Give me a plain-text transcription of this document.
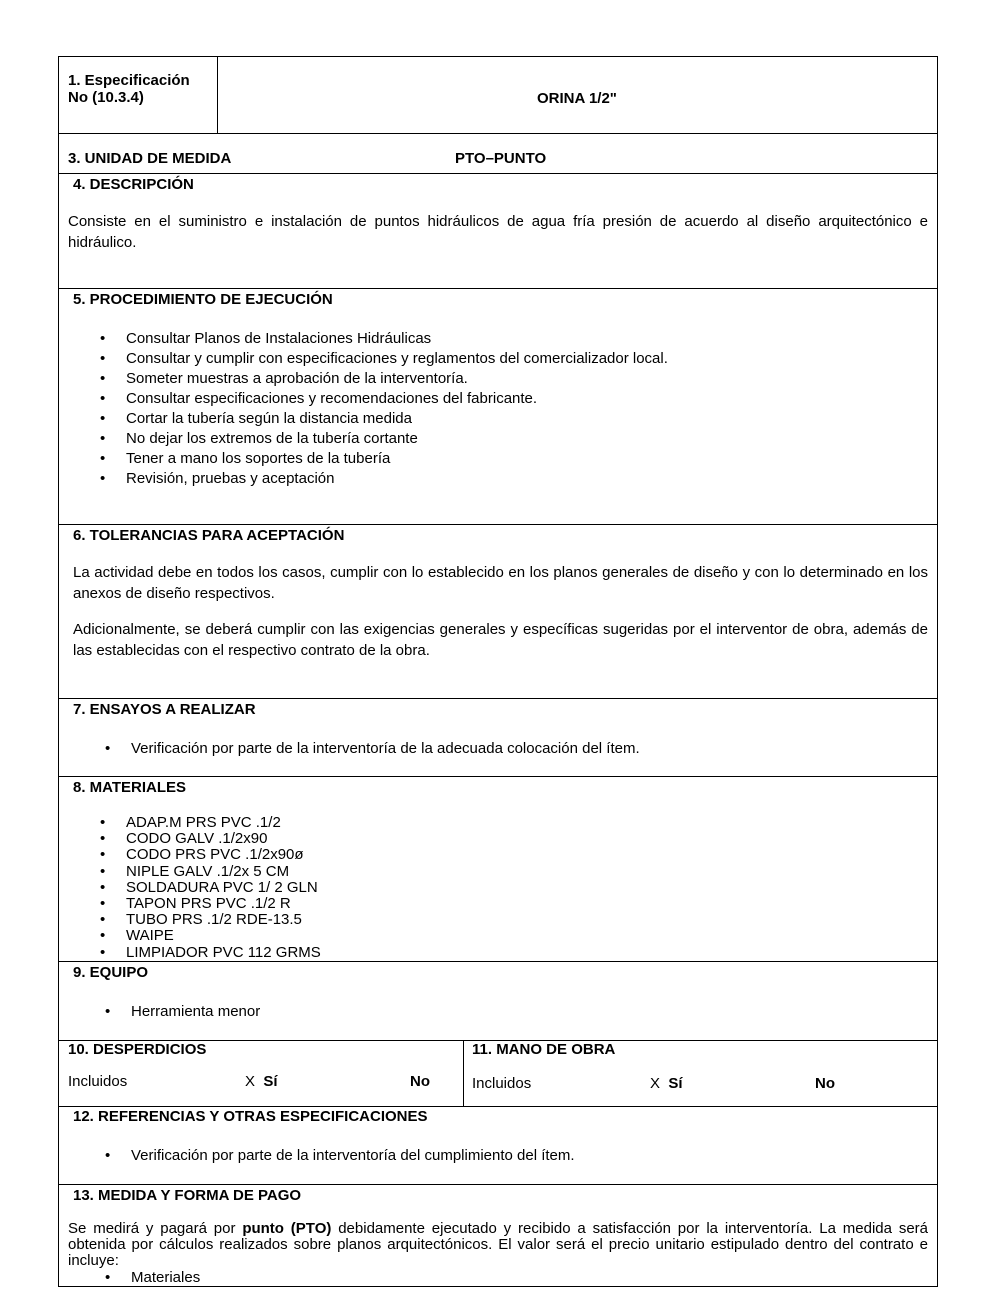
1. Especificación
No (10.3.4)	ORINA 1/2"
3. UNIDAD DE MEDIDA	PTO–PUNTO
4. DESCRIPCIÓN
Consiste en el suministro e instalación de puntos hidráulicos de agua fría presión de acuerdo al diseño arquitectónico e hidráulico.
5. PROCEDIMIENTO DE EJECUCIÓN
• Consultar Planos de Instalaciones Hidráulicas
• Consultar y cumplir con especificaciones y reglamentos del comercializador local.
• Someter muestras a aprobación de la interventoría.
• Consultar especificaciones y recomendaciones del fabricante.
• Cortar la tubería según la distancia medida
• No dejar los extremos de la tubería cortante
• Tener a mano los soportes de la tubería
• Revisión, pruebas y aceptación
6. TOLERANCIAS PARA ACEPTACIÓN
La actividad debe en todos los casos, cumplir con lo establecido en los planos generales de diseño y con lo determinado en los anexos de diseño respectivos.
Adicionalmente, se deberá cumplir con las exigencias generales y específicas sugeridas por el interventor de obra, además de las establecidas con el respectivo contrato de la obra.
7. ENSAYOS A REALIZAR
• Verificación por parte de la interventoría de la adecuada colocación del ítem.
8. MATERIALES
• ADAP.M PRS PVC .1/2
• CODO GALV .1/2x90
• CODO PRS PVC .1/2x90ø
• NIPLE GALV .1/2x 5 CM
• SOLDADURA PVC 1/ 2 GLN
• TAPON PRS PVC .1/2 R
• TUBO PRS .1/2 RDE-13.5
• WAIPE
• LIMPIADOR PVC 112 GRMS
9. EQUIPO
• Herramienta menor
10. DESPERDICIOS
Incluidos	X Sí	No
11. MANO DE OBRA
Incluidos	X Sí	No
12. REFERENCIAS Y OTRAS ESPECIFICACIONES
• Verificación por parte de la interventoría del cumplimiento del ítem.
13. MEDIDA Y FORMA DE PAGO
Se medirá y pagará por punto (PTO) debidamente ejecutado y recibido a satisfacción por la interventoría. La medida será obtenida por cálculos realizados sobre planos arquitectónicos. El valor será el precio unitario estipulado dentro del contrato e incluye:
• Materiales
